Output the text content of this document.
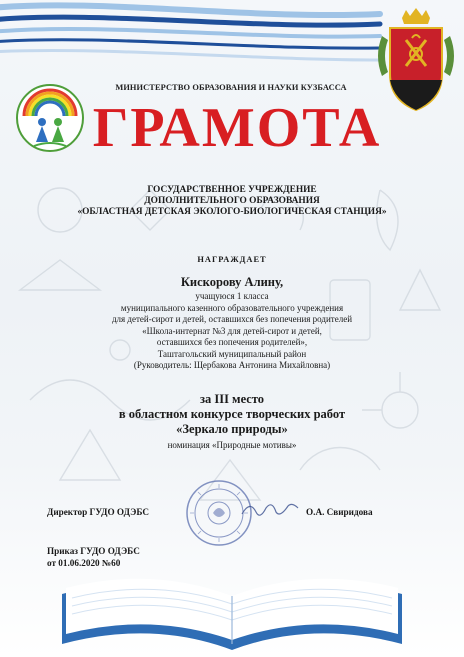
МИНИСТЕРСТВО ОБРАЗОВАНИЯ И НАУКИ КУЗБАССА
ГРАМОТА
ГОСУДАРСТВЕННОЕ УЧРЕЖДЕНИЕ
ДОПОЛНИТЕЛЬНОГО ОБРАЗОВАНИЯ
«ОБЛАСТНАЯ ДЕТСКАЯ ЭКОЛОГО-БИОЛОГИЧЕСКАЯ СТАНЦИЯ»
НАГРАЖДАЕТ
Кискорову Алину,
учащуюся 1 класса
муниципального казенного образовательного учреждения
для детей-сирот и детей, оставшихся без попечения родителей
«Школа-интернат №3 для детей-сирот и детей,
оставшихся без попечения родителей»,
Таштагольский муниципальный район
(Руководитель: Щербакова Антонина Михайловна)
за III место
в областном конкурсе творческих работ
«Зеркало природы»
номинация «Природные мотивы»
Директор ГУДО ОДЭБС	О.А. Свиридова
Приказ ГУДО ОДЭБС
от 01.06.2020 №60
